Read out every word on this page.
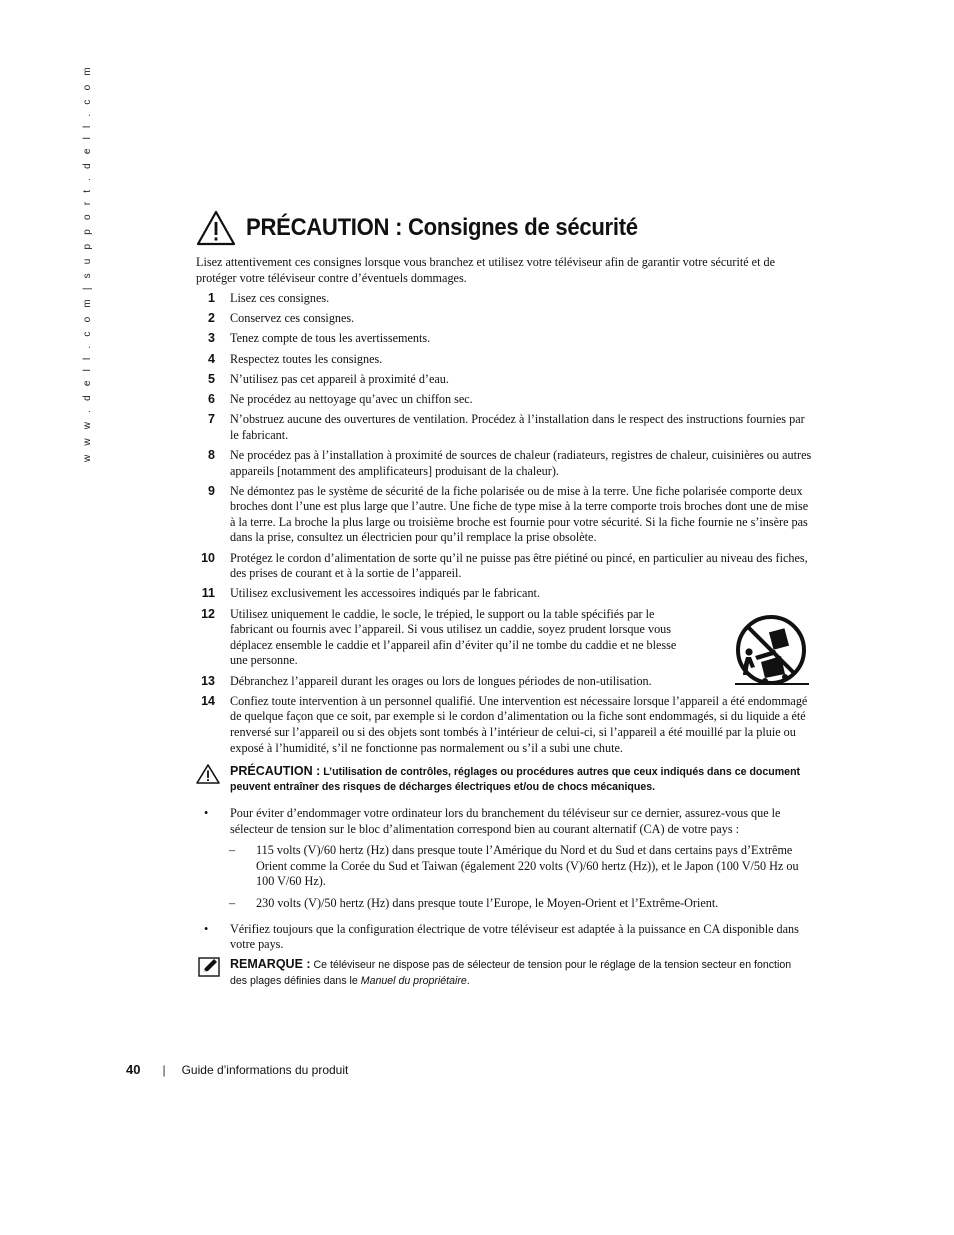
w w w . d e l l . c o m | s u p p o r t . d e l l . c o m	PRÉCAUTION : Consignes de sécurité

Lisez attentivement ces consignes lorsque vous branchez et utilisez votre téléviseur afin de garantir votre sécurité et de protéger votre téléviseur contre d’éventuels dommages.

1 Lisez ces consignes.
2 Conservez ces consignes.
3 Tenez compte de tous les avertissements.
4 Respectez toutes les consignes.
5 N’utilisez pas cet appareil à proximité d’eau.
6 Ne procédez au nettoyage qu’avec un chiffon sec.
7 N’obstruez aucune des ouvertures de ventilation. Procédez à l’installation dans le respect des instructions fournies par le fabricant.
8 Ne procédez pas à l’installation à proximité de sources de chaleur (radiateurs, registres de chaleur, cuisinières ou autres appareils [notamment des amplificateurs] produisant de la chaleur).
9 Ne démontez pas le système de sécurité de la fiche polarisée ou de mise à la terre. Une fiche polarisée comporte deux broches dont l’une est plus large que l’autre. Une fiche de type mise à la terre comporte trois broches dont une de mise à la terre. La broche la plus large ou troisième broche est fournie pour votre sécurité. Si la fiche fournie ne s’insère pas dans la prise, consultez un électricien pour qu’il remplace la prise obsolète.
10 Protégez le cordon d’alimentation de sorte qu’il ne puisse pas être piétiné ou pincé, en particulier au niveau des fiches, des prises de courant et à la sortie de l’appareil.
11 Utilisez exclusivement les accessoires indiqués par le fabricant.
12 Utilisez uniquement le caddie, le socle, le trépied, le support ou la table spécifiés par le fabricant ou fournis avec l’appareil. Si vous utilisez un caddie, soyez prudent lorsque vous déplacez ensemble le caddie et l’appareil afin d’éviter qu’il ne tombe du caddie et ne blesse une personne.
13 Débranchez l’appareil durant les orages ou lors de longues périodes de non-utilisation.
14 Confiez toute intervention à un personnel qualifié. Une intervention est nécessaire lorsque l’appareil a été endommagé de quelque façon que ce soit, par exemple si le cordon d’alimentation ou la fiche sont endommagés, si du liquide a été renversé sur l’appareil ou si des objets sont tombés à l’intérieur de celui-ci, si l’appareil a été mouillé par la pluie ou exposé à l’humidité, s’il ne fonctionne pas normalement ou s’il a subi une chute.
PRÉCAUTION : L’utilisation de contrôles, réglages ou procédures autres que ceux indiqués dans ce document peuvent entraîner des risques de décharges électriques et/ou de chocs mécaniques.
• Pour éviter d’endommager votre ordinateur lors du branchement du téléviseur sur ce dernier, assurez-vous que le sélecteur de tension sur le bloc d’alimentation correspond bien au courant alternatif (CA) de votre pays :
– 115 volts (V)/60 hertz (Hz) dans presque toute l’Amérique du Nord et du Sud et dans certains pays d’Extrême Orient comme la Corée du Sud et Taiwan (également 220 volts (V)/60 hertz (Hz)), et le Japon (100 V/50 Hz ou 100 V/60 Hz).
– 230 volts (V)/50 hertz (Hz) dans presque toute l’Europe, le Moyen-Orient et l’Extrême-Orient.
• Vérifiez toujours que la configuration électrique de votre téléviseur est adaptée à la puissance en CA disponible dans votre pays.
REMARQUE : Ce téléviseur ne dispose pas de sélecteur de tension pour le réglage de la tension secteur en fonction des plages définies dans le Manuel du propriétaire.
40 | Guide d’informations du produit
